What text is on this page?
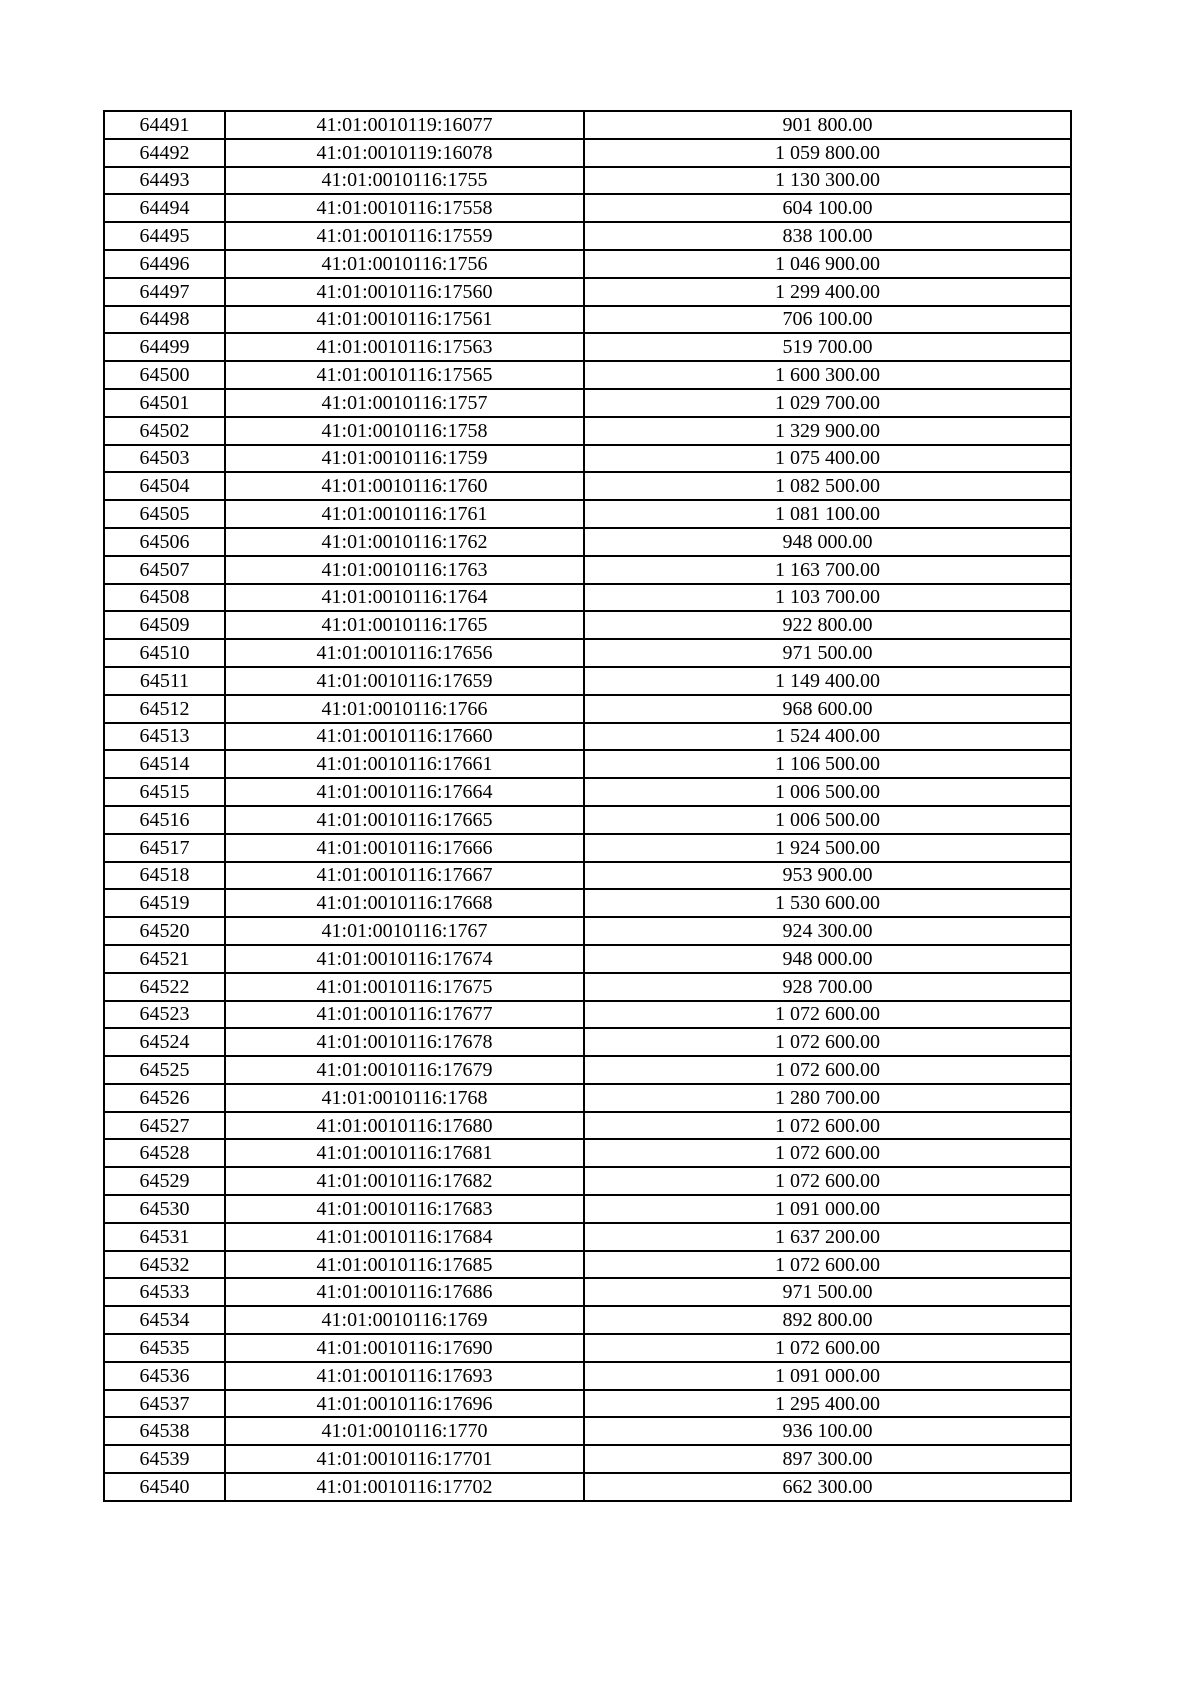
64491	41:01:0010119:16077	901 800.00
64492	41:01:0010119:16078	1 059 800.00
64493	41:01:0010116:1755	1 130 300.00
64494	41:01:0010116:17558	604 100.00
64495	41:01:0010116:17559	838 100.00
64496	41:01:0010116:1756	1 046 900.00
64497	41:01:0010116:17560	1 299 400.00
64498	41:01:0010116:17561	706 100.00
64499	41:01:0010116:17563	519 700.00
64500	41:01:0010116:17565	1 600 300.00
64501	41:01:0010116:1757	1 029 700.00
64502	41:01:0010116:1758	1 329 900.00
64503	41:01:0010116:1759	1 075 400.00
64504	41:01:0010116:1760	1 082 500.00
64505	41:01:0010116:1761	1 081 100.00
64506	41:01:0010116:1762	948 000.00
64507	41:01:0010116:1763	1 163 700.00
64508	41:01:0010116:1764	1 103 700.00
64509	41:01:0010116:1765	922 800.00
64510	41:01:0010116:17656	971 500.00
64511	41:01:0010116:17659	1 149 400.00
64512	41:01:0010116:1766	968 600.00
64513	41:01:0010116:17660	1 524 400.00
64514	41:01:0010116:17661	1 106 500.00
64515	41:01:0010116:17664	1 006 500.00
64516	41:01:0010116:17665	1 006 500.00
64517	41:01:0010116:17666	1 924 500.00
64518	41:01:0010116:17667	953 900.00
64519	41:01:0010116:17668	1 530 600.00
64520	41:01:0010116:1767	924 300.00
64521	41:01:0010116:17674	948 000.00
64522	41:01:0010116:17675	928 700.00
64523	41:01:0010116:17677	1 072 600.00
64524	41:01:0010116:17678	1 072 600.00
64525	41:01:0010116:17679	1 072 600.00
64526	41:01:0010116:1768	1 280 700.00
64527	41:01:0010116:17680	1 072 600.00
64528	41:01:0010116:17681	1 072 600.00
64529	41:01:0010116:17682	1 072 600.00
64530	41:01:0010116:17683	1 091 000.00
64531	41:01:0010116:17684	1 637 200.00
64532	41:01:0010116:17685	1 072 600.00
64533	41:01:0010116:17686	971 500.00
64534	41:01:0010116:1769	892 800.00
64535	41:01:0010116:17690	1 072 600.00
64536	41:01:0010116:17693	1 091 000.00
64537	41:01:0010116:17696	1 295 400.00
64538	41:01:0010116:1770	936 100.00
64539	41:01:0010116:17701	897 300.00
64540	41:01:0010116:17702	662 300.00
